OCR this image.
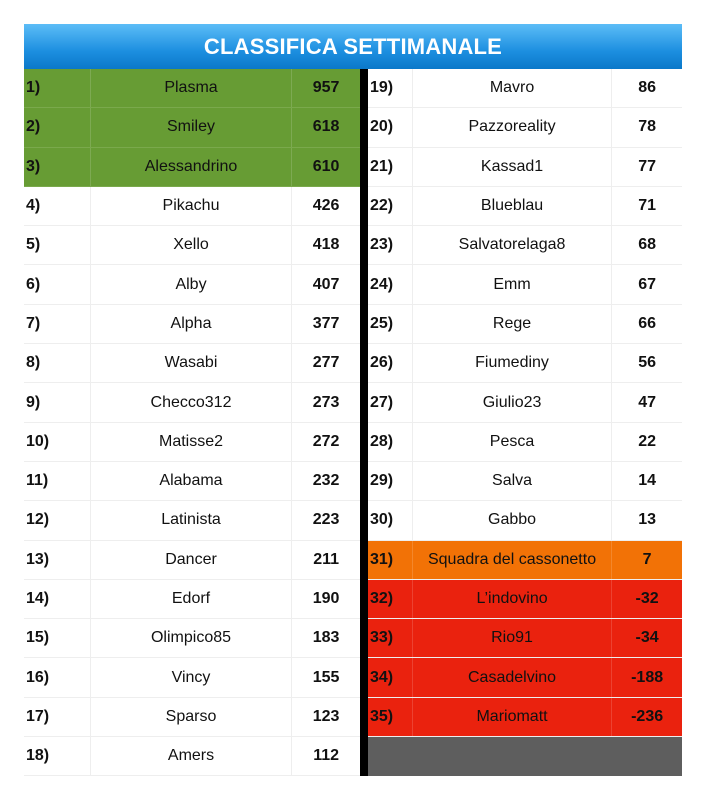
CLASSIFICA SETTIMANALE
1)	Plasma	957
2)	Smiley	618
3)	Alessandrino	610
4)	Pikachu	426
5)	Xello	418
6)	Alby	407
7)	Alpha	377
8)	Wasabi	277
9)	Checco312	273
10)	Matisse2	272
11)	Alabama	232
12)	Latinista	223
13)	Dancer	211
14)	Edorf	190
15)	Olimpico85	183
16)	Vincy	155
17)	Sparso	123
18)	Amers	112
19)	Mavro	86
20)	Pazzoreality	78
21)	Kassad1	77
22)	Blueblau	71
23)	Salvatorelaga8	68
24)	Emm	67
25)	Rege	66
26)	Fiumediny	56
27)	Giulio23	47
28)	Pesca	22
29)	Salva	14
30)	Gabbo	13
31)	Squadra del cassonetto	7
32)	L’indovino	-32
33)	Rio91	-34
34)	Casadelvino	-188
35)	Mariomatt	-236
